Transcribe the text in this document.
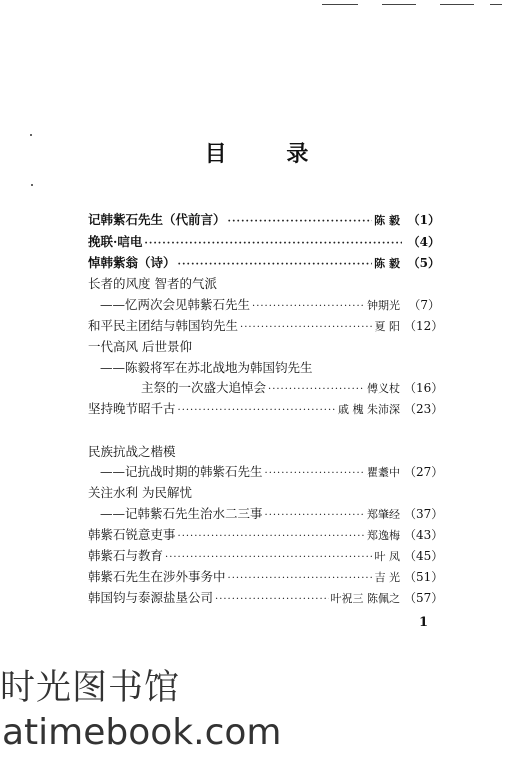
目 录
记韩紫石先生（代前言） ·····	陈 毅 （1）
挽联·唁电 ·····	（4）
悼韩紫翁（诗） ·····	陈 毅 （5）
长者的风度 智者的气派
——忆两次会见韩紫石先生 ·····	钟期光 （7）
和平民主团结与韩国钧先生 ·····	夏 阳 （12）
一代高风 后世景仰
——陈毅将军在苏北战地为韩国钧先生
主祭的一次盛大追悼会 ·····	傅义杖 （16）
坚持晚节昭千古 ·····	戚 槐 朱沛深 （23）
民族抗战之楷模
——记抗战时期的韩紫石先生 ·····	瞿耋中 （27）
关注水利 为民解忧
——记韩紫石先生治水二三事 ·····	郑肇经 （37）
韩紫石锐意吏事 ·····	郑逸梅 （43）
韩紫石与教育 ·····	叶 凤 （45）
韩紫石先生在涉外事务中 ·····	吉 光 （51）
韩国钧与泰源盐垦公司 ·····	叶祝三 陈佩之 （57）
1
时光图书馆
atimebook.com
